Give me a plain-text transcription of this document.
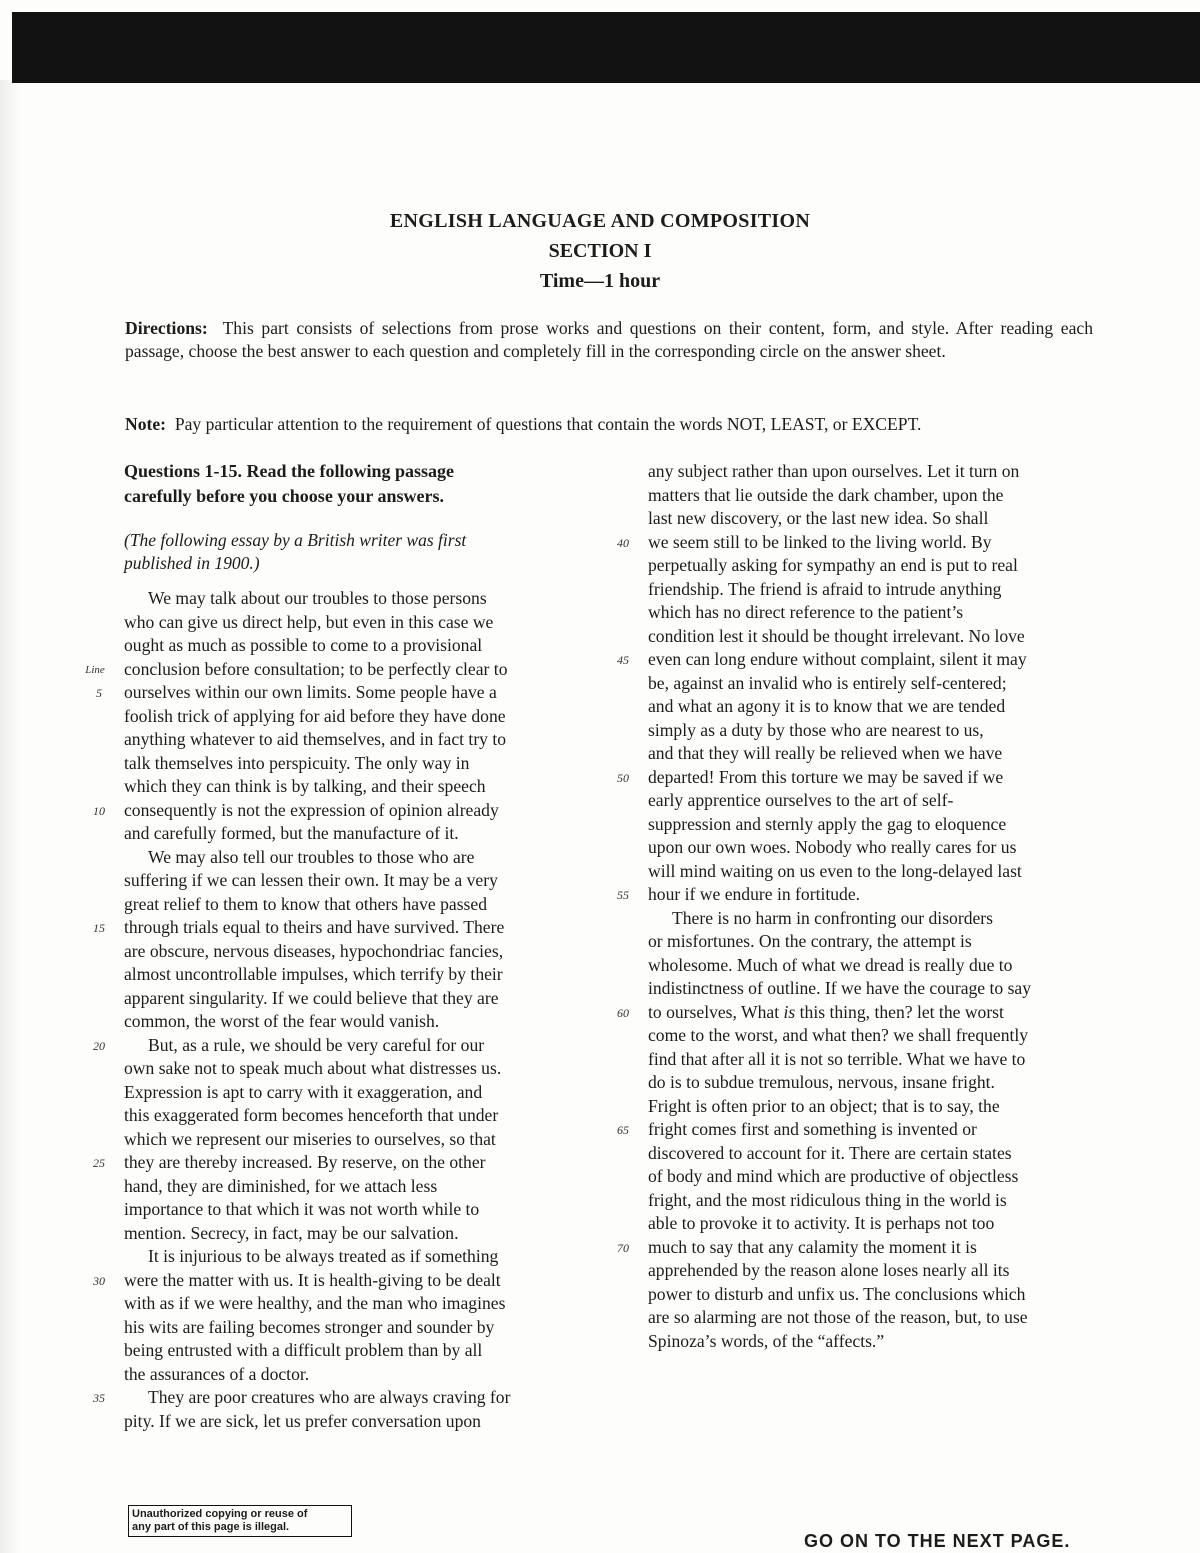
ENGLISH LANGUAGE AND COMPOSITION
SECTION I
Time—1 hour
Directions: This part consists of selections from prose works and questions on their content, form, and style. After reading each passage, choose the best answer to each question and completely fill in the corresponding circle on the answer sheet.
Note: Pay particular attention to the requirement of questions that contain the words NOT, LEAST, or EXCEPT.
Questions 1-15. Read the following passage
carefully before you choose your answers.
(The following essay by a British writer was first
published in 1900.)
We may talk about our troubles to those persons
who can give us direct help, but even in this case we
ought as much as possible to come to a provisional
Line conclusion before consultation; to be perfectly clear to
5	ourselves within our own limits. Some people have a
foolish trick of applying for aid before they have done
anything whatever to aid themselves, and in fact try to
talk themselves into perspicuity. The only way in
which they can think is by talking, and their speech
10	consequently is not the expression of opinion already
and carefully formed, but the manufacture of it.
We may also tell our troubles to those who are
suffering if we can lessen their own. It may be a very
great relief to them to know that others have passed
15	through trials equal to theirs and have survived. There
are obscure, nervous diseases, hypochondriac fancies,
almost uncontrollable impulses, which terrify by their
apparent singularity. If we could believe that they are
common, the worst of the fear would vanish.
20	But, as a rule, we should be very careful for our
own sake not to speak much about what distresses us.
Expression is apt to carry with it exaggeration, and
this exaggerated form becomes henceforth that under
which we represent our miseries to ourselves, so that
25	they are thereby increased. By reserve, on the other
hand, they are diminished, for we attach less
importance to that which it was not worth while to
mention. Secrecy, in fact, may be our salvation.
It is injurious to be always treated as if something
30	were the matter with us. It is health-giving to be dealt
with as if we were healthy, and the man who imagines
his wits are failing becomes stronger and sounder by
being entrusted with a difficult problem than by all
the assurances of a doctor.
35	They are poor creatures who are always craving for
pity. If we are sick, let us prefer conversation upon
any subject rather than upon ourselves. Let it turn on
matters that lie outside the dark chamber, upon the
last new discovery, or the last new idea. So shall
40	we seem still to be linked to the living world. By
perpetually asking for sympathy an end is put to real
friendship. The friend is afraid to intrude anything
which has no direct reference to the patient’s
condition lest it should be thought irrelevant. No love
45	even can long endure without complaint, silent it may
be, against an invalid who is entirely self-centered;
and what an agony it is to know that we are tended
simply as a duty by those who are nearest to us,
and that they will really be relieved when we have
50	departed! From this torture we may be saved if we
early apprentice ourselves to the art of self-
suppression and sternly apply the gag to eloquence
upon our own woes. Nobody who really cares for us
will mind waiting on us even to the long-delayed last
55	hour if we endure in fortitude.
There is no harm in confronting our disorders
or misfortunes. On the contrary, the attempt is
wholesome. Much of what we dread is really due to
indistinctness of outline. If we have the courage to say
60	to ourselves, What is this thing, then? let the worst
come to the worst, and what then? we shall frequently
find that after all it is not so terrible. What we have to
do is to subdue tremulous, nervous, insane fright.
Fright is often prior to an object; that is to say, the
65	fright comes first and something is invented or
discovered to account for it. There are certain states
of body and mind which are productive of objectless
fright, and the most ridiculous thing in the world is
able to provoke it to activity. It is perhaps not too
70	much to say that any calamity the moment it is
apprehended by the reason alone loses nearly all its
power to disturb and unfix us. The conclusions which
are so alarming are not those of the reason, but, to use
Spinoza’s words, of the “affects.”
Unauthorized copying or reuse of
any part of this page is illegal.
GO ON TO THE NEXT PAGE.
